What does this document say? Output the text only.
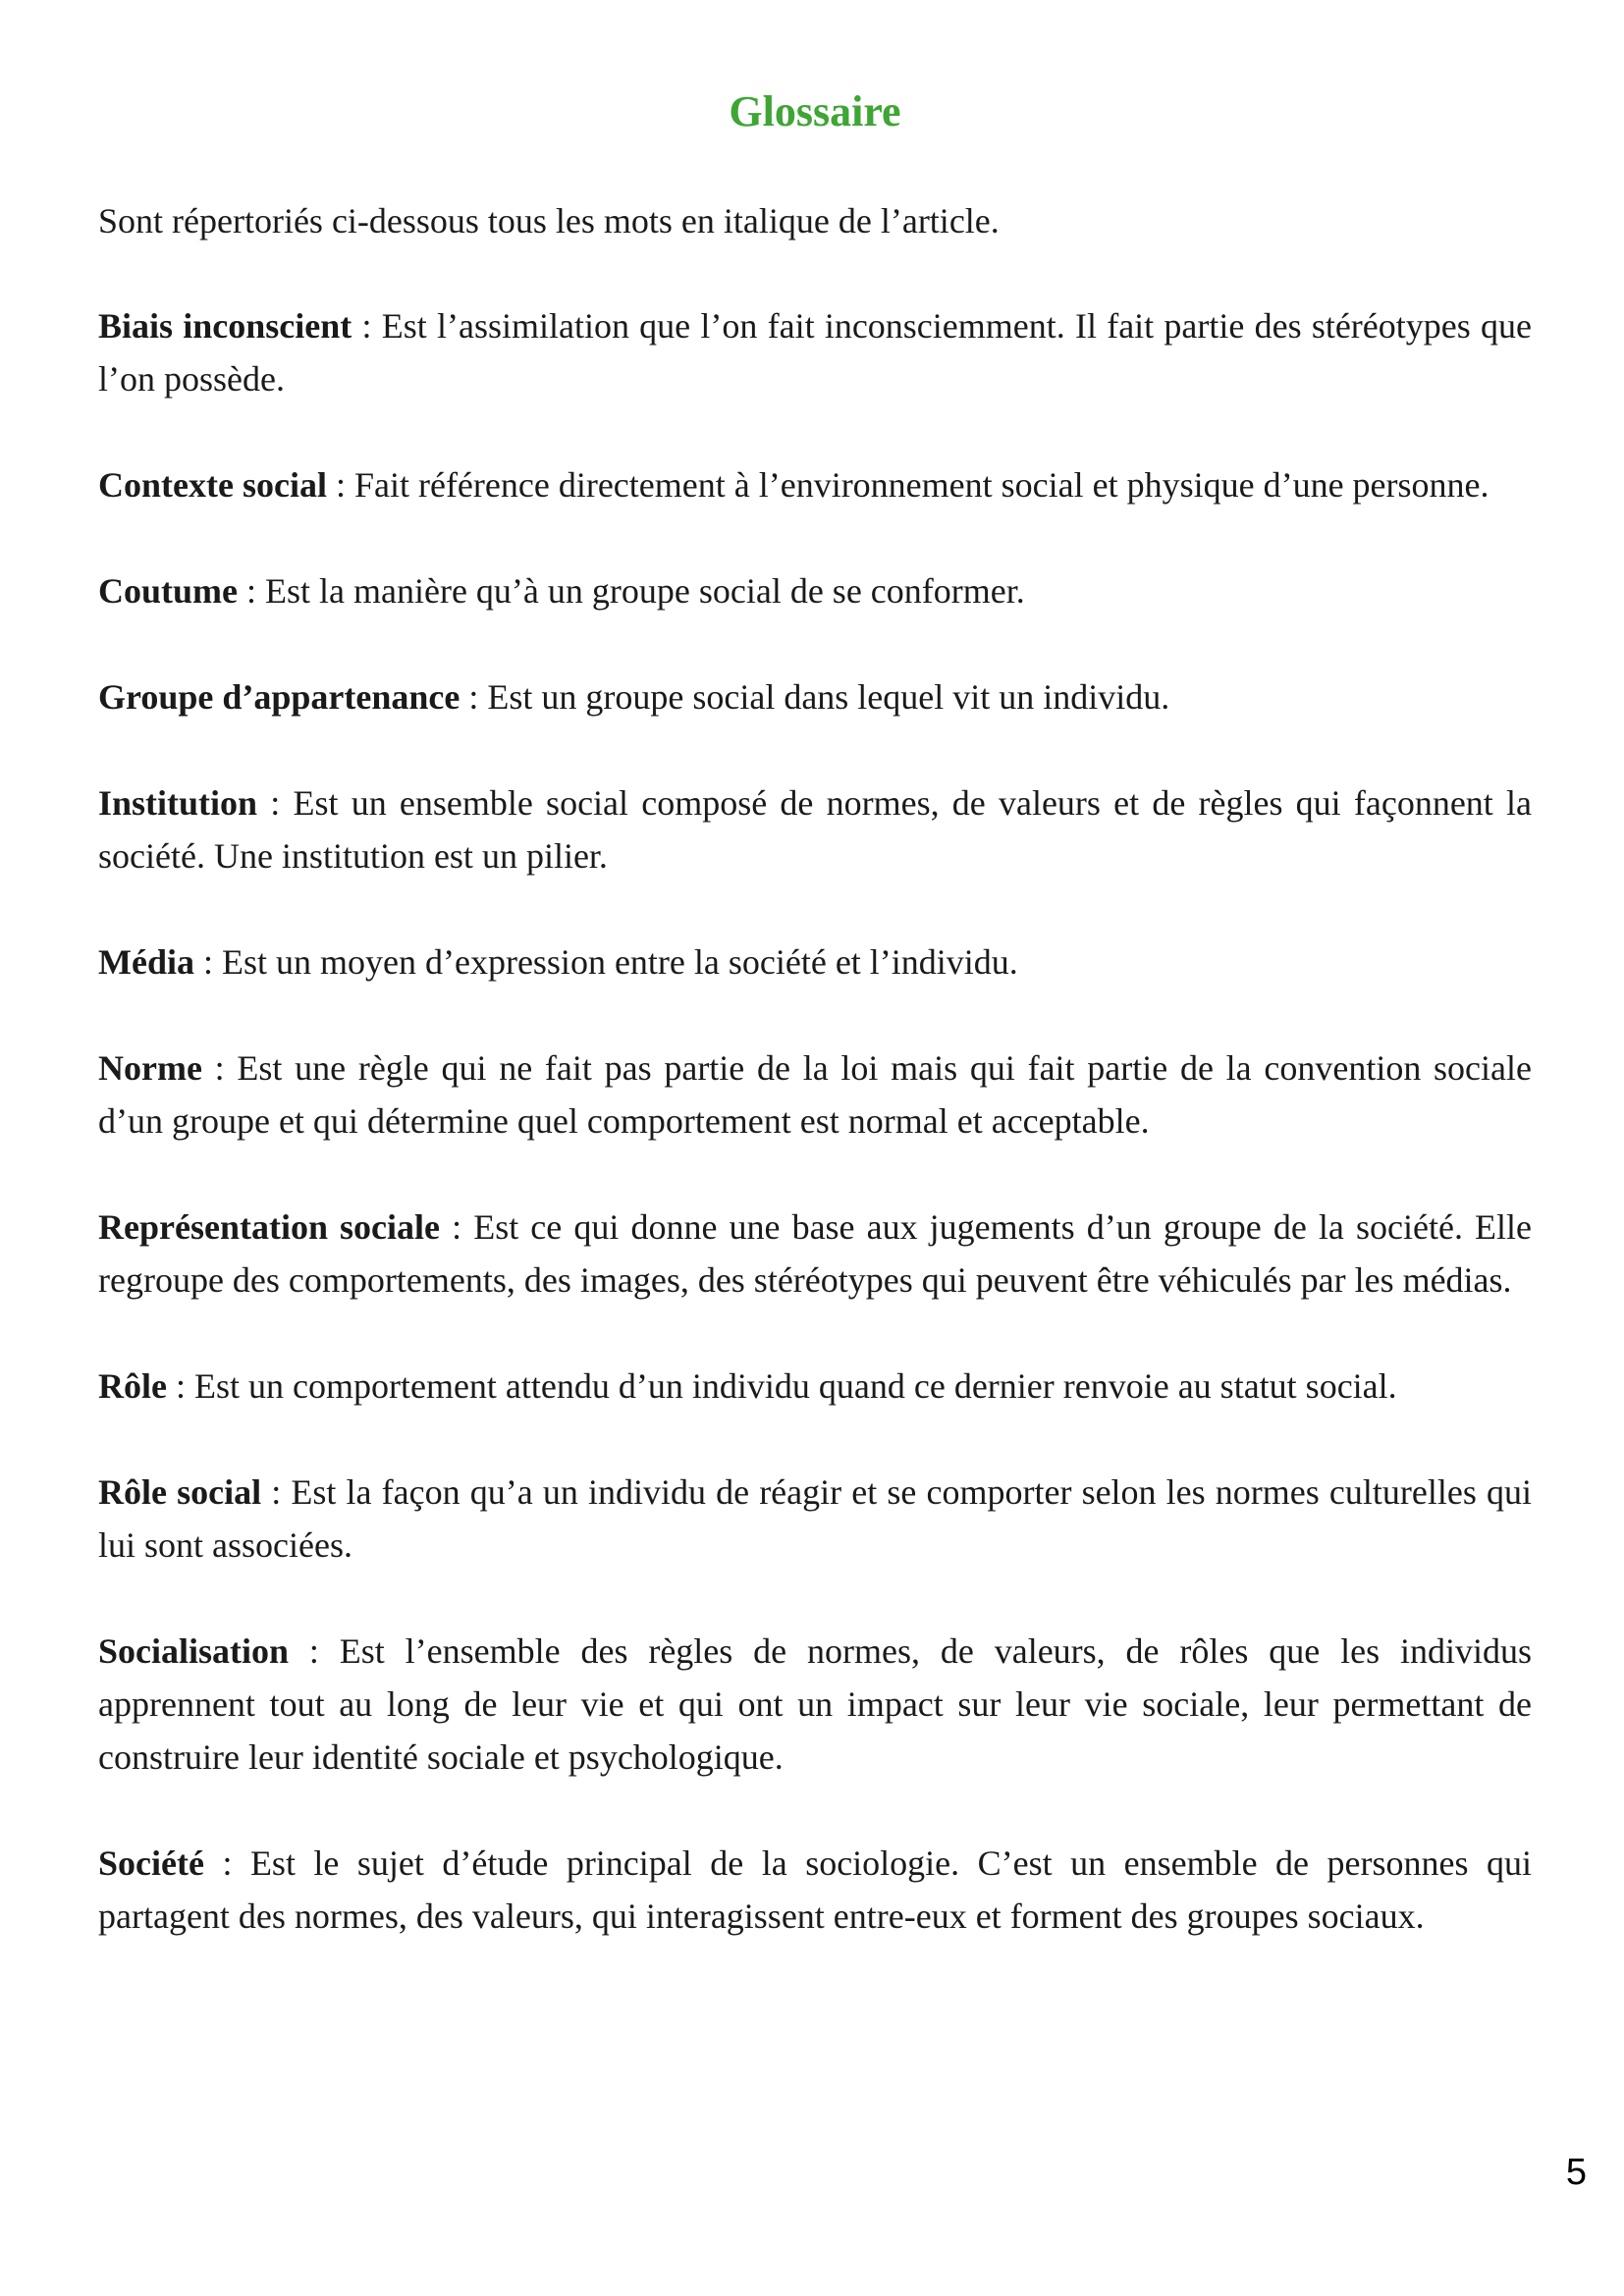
Glossaire

Sont répertoriés ci-dessous tous les mots en italique de l’article.

Biais inconscient : Est l’assimilation que l’on fait inconsciemment. Il fait partie des stéréotypes que l’on possède.

Contexte social : Fait référence directement à l’environnement social et physique d’une personne.

Coutume : Est la manière qu’à un groupe social de se conformer.

Groupe d’appartenance : Est un groupe social dans lequel vit un individu.

Institution : Est un ensemble social composé de normes, de valeurs et de règles qui façonnent la société. Une institution est un pilier.

Média : Est un moyen d’expression entre la société et l’individu.

Norme : Est une règle qui ne fait pas partie de la loi mais qui fait partie de la convention sociale d’un groupe et qui détermine quel comportement est normal et acceptable.

Représentation sociale : Est ce qui donne une base aux jugements d’un groupe de la société. Elle regroupe des comportements, des images, des stéréotypes qui peuvent être véhiculés par les médias.

Rôle : Est un comportement attendu d’un individu quand ce dernier renvoie au statut social.

Rôle social : Est la façon qu’a un individu de réagir et se comporter selon les normes culturelles qui lui sont associées.

Socialisation : Est l’ensemble des règles de normes, de valeurs, de rôles que les individus apprennent tout au long de leur vie et qui ont un impact sur leur vie sociale, leur permettant de construire leur identité sociale et psychologique.

Société : Est le sujet d’étude principal de la sociologie. C’est un ensemble de personnes qui partagent des normes, des valeurs, qui interagissent entre-eux et forment des groupes sociaux.

5
